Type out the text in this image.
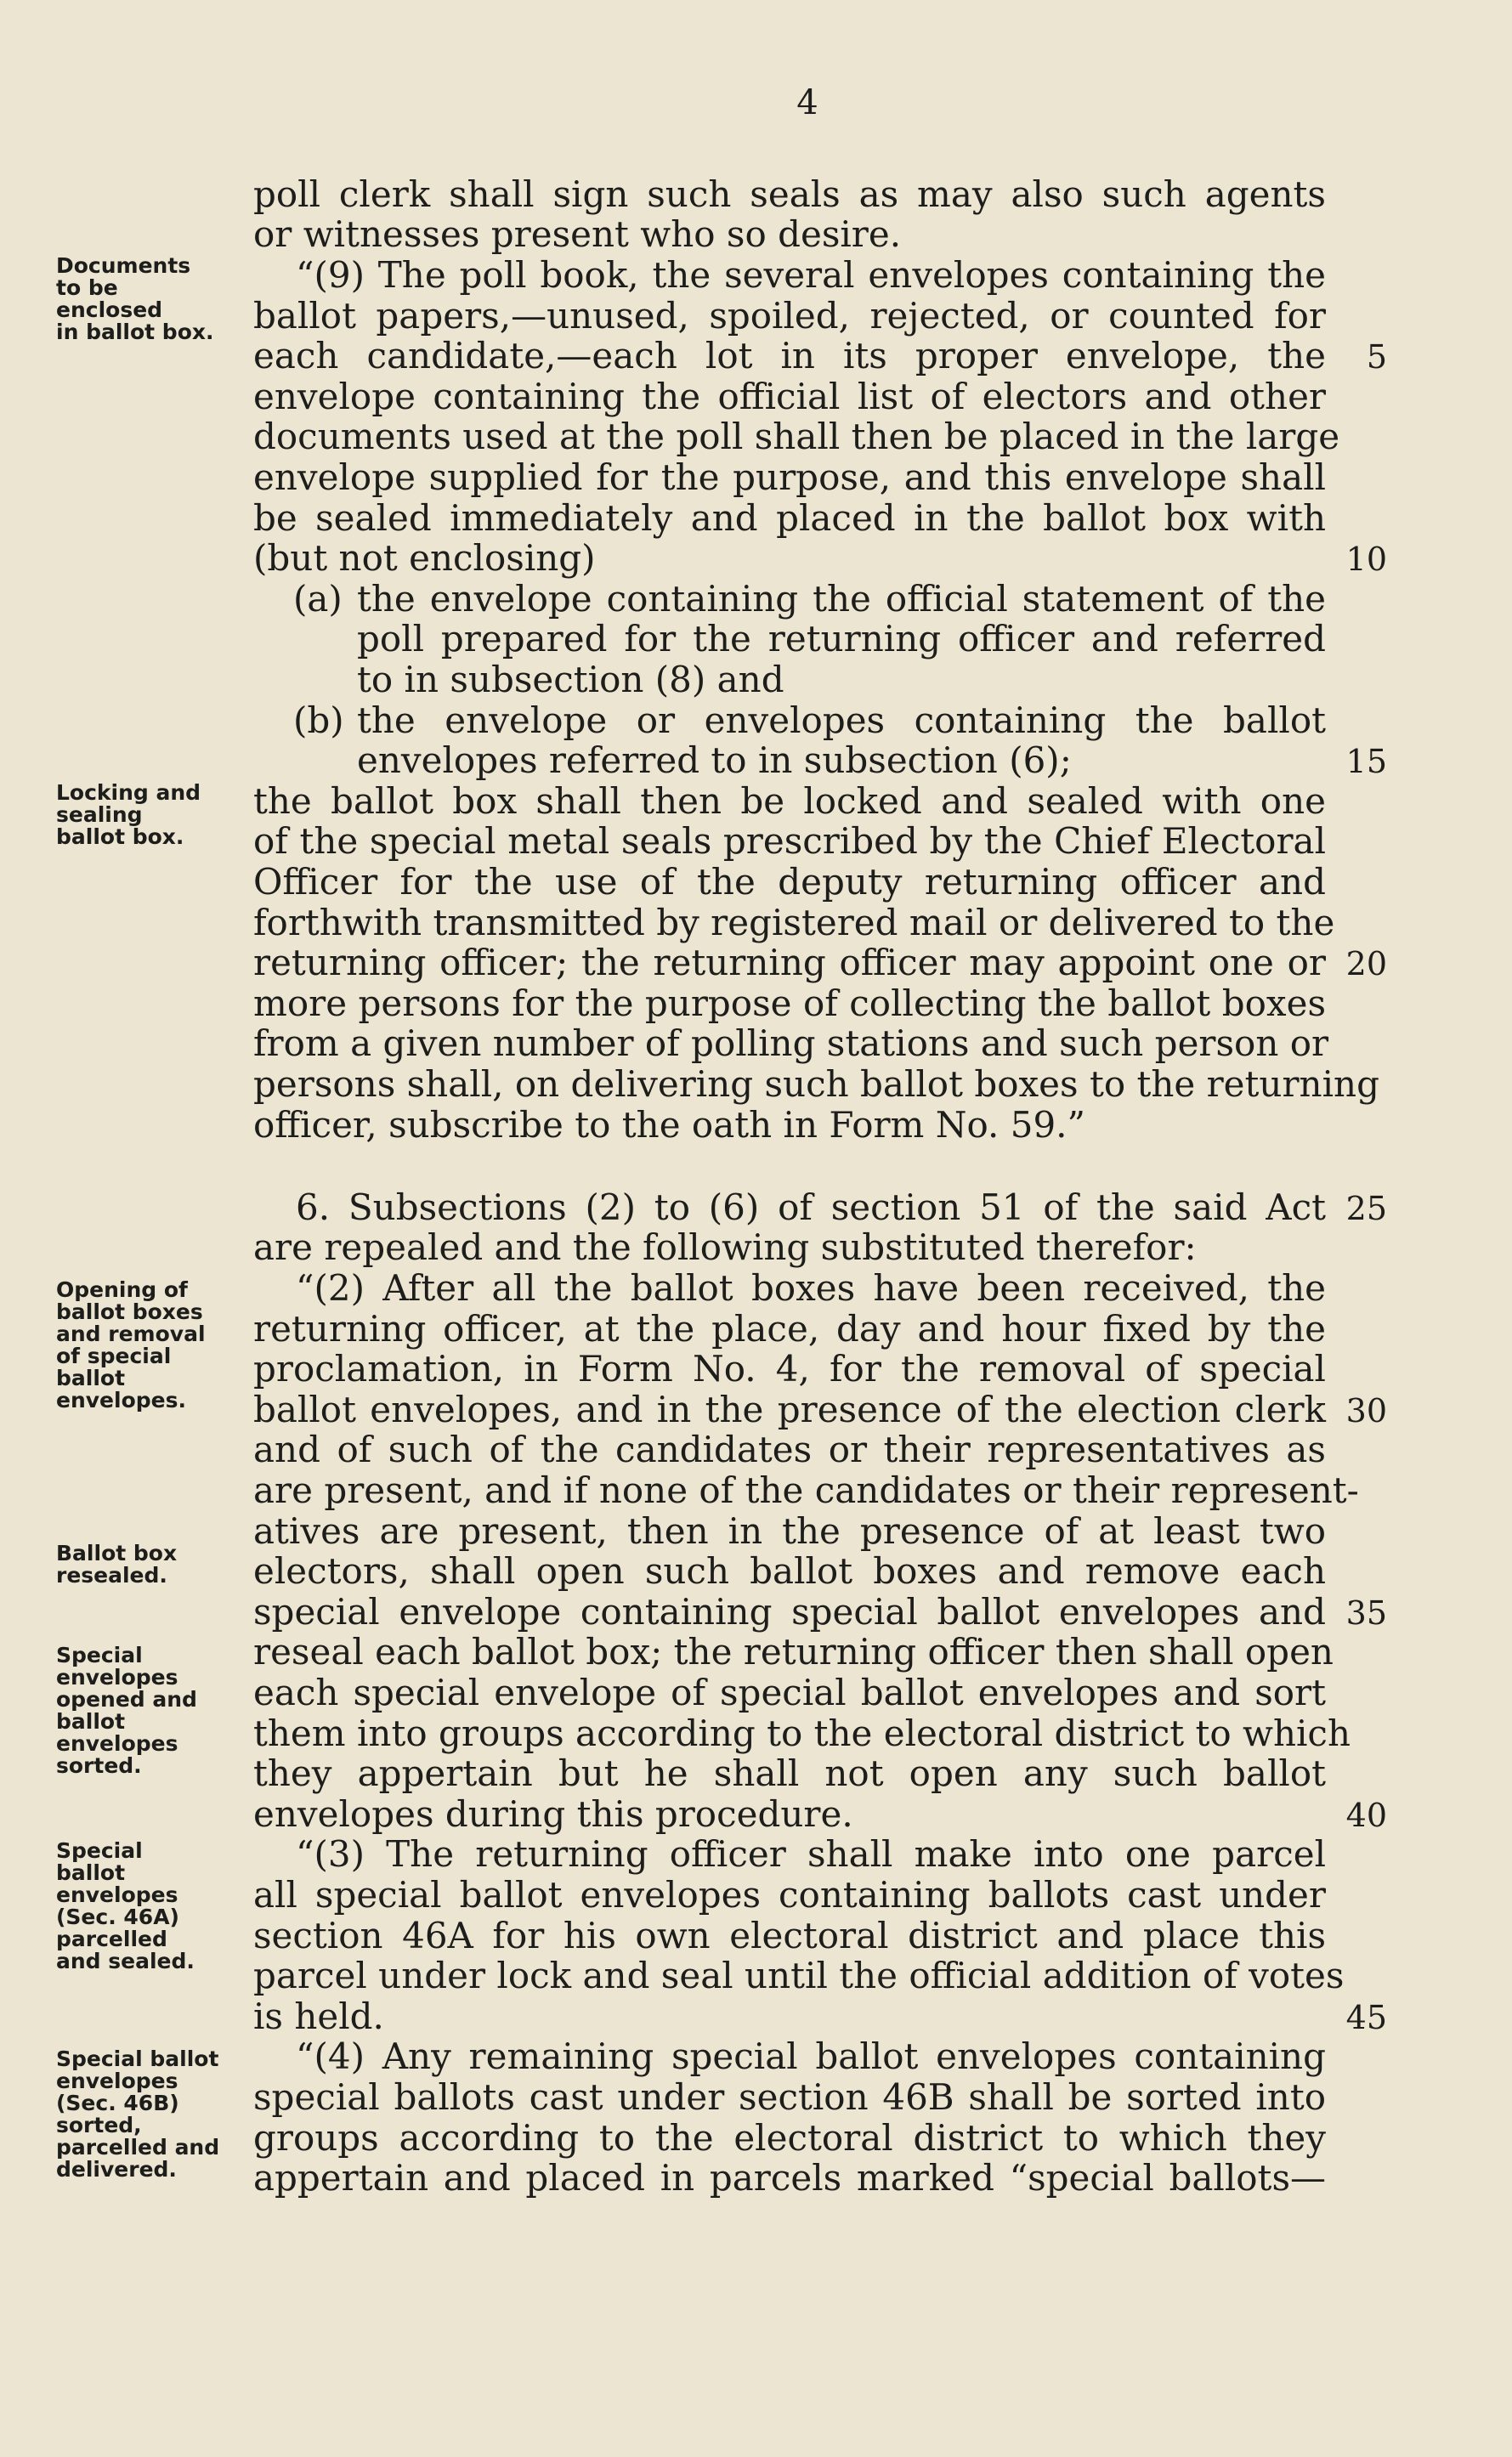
4
Documents
to be
enclosed
in ballot box.
Locking and
sealing
ballot box.
Opening of
ballot boxes
and removal
of special
ballot
envelopes.
Ballot box
resealed.
Special
envelopes
opened and
ballot
envelopes
sorted.
Special
ballot
envelopes
(Sec. 46A)
parcelled
and sealed.
Special ballot
envelopes
(Sec. 46B)
sorted,
parcelled and
delivered.
poll clerk shall sign such seals as may also such agents
or witnesses present who so desire.
“(9) The poll book, the several envelopes containing the
ballot papers,—unused, spoiled, rejected, or counted for
each candidate,—each lot in its proper envelope, the
envelope containing the official list of electors and other
documents used at the poll shall then be placed in the large
envelope supplied for the purpose, and this envelope shall
be sealed immediately and placed in the ballot box with
(but not enclosing)
(a) the envelope containing the official statement of the
poll prepared for the returning officer and referred
to in subsection (8) and
(b) the envelope or envelopes containing the ballot
envelopes referred to in subsection (6);
the ballot box shall then be locked and sealed with one
of the special metal seals prescribed by the Chief Electoral
Officer for the use of the deputy returning officer and
forthwith transmitted by registered mail or delivered to the
returning officer; the returning officer may appoint one or
more persons for the purpose of collecting the ballot boxes
from a given number of polling stations and such person or
persons shall, on delivering such ballot boxes to the returning
officer, subscribe to the oath in Form No. 59.”
6. Subsections (2) to (6) of section 51 of the said Act
are repealed and the following substituted therefor:
“(2) After all the ballot boxes have been received, the
returning officer, at the place, day and hour fixed by the
proclamation, in Form No. 4, for the removal of special
ballot envelopes, and in the presence of the election clerk
and of such of the candidates or their representatives as
are present, and if none of the candidates or their represent-
atives are present, then in the presence of at least two
electors, shall open such ballot boxes and remove each
special envelope containing special ballot envelopes and
reseal each ballot box; the returning officer then shall open
each special envelope of special ballot envelopes and sort
them into groups according to the electoral district to which
they appertain but he shall not open any such ballot
envelopes during this procedure.
“(3) The returning officer shall make into one parcel
all special ballot envelopes containing ballots cast under
section 46A for his own electoral district and place this
parcel under lock and seal until the official addition of votes
is held.
“(4) Any remaining special ballot envelopes containing
special ballots cast under section 46B shall be sorted into
groups according to the electoral district to which they
appertain and placed in parcels marked “special ballots—
5
10
15
20
25
30
35
40
45
